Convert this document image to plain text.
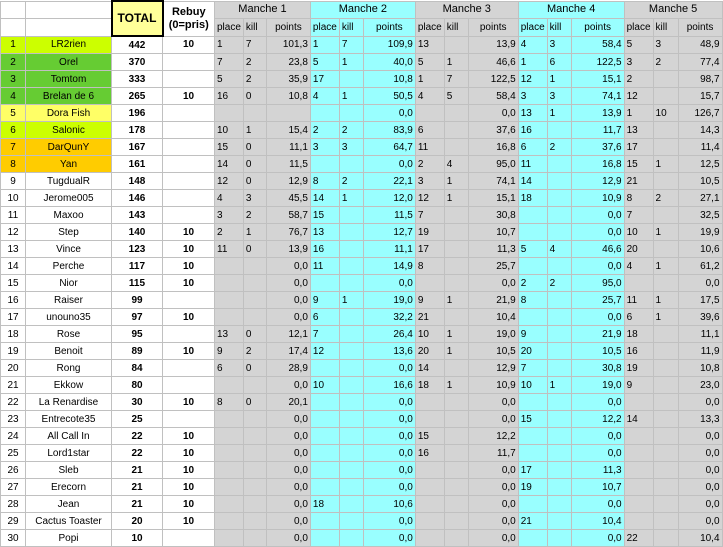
		TOTAL	Rebuy
(0=pris)	Manche 1			Manche 2			Manche 3			Manche 4			Manche 5		
				place	kill	points	place	kill	points	place	kill	points	place	kill	points	place	kill	points
1	LR2rien	442	10	1	7	101,3	1	7	109,9	13		13,9	4	3	58,4	5	3	48,9
2	Orel	370		7	2	23,8	5	1	40,0	5	1	46,6	1	6	122,5	3	2	77,4
3	Tomtom	333		5	2	35,9	17		10,8	1	7	122,5	12	1	15,1	2		98,7
4	Brelan de 6	265	10	16	0	10,8	4	1	50,5	4	5	58,4	3	3	74,1	12		15,7
5	Dora Fish	196							0,0			0,0	13	1	13,9	1	10	126,7
6	Salonic	178		10	1	15,4	2	2	83,9	6		37,6	16		11,7	13		14,3
7	DarQunY	167		15	0	11,1	3	3	64,7	11		16,8	6	2	37,6	17		11,4
8	Yan	161		14	0	11,5			0,0	2	4	95,0	11		16,8	15	1	12,5
9	TugdualR	148		12	0	12,9	8	2	22,1	3	1	74,1	14		12,9	21		10,5
10	Jerome005	146		4	3	45,5	14	1	12,0	12	1	15,1	18		10,9	8	2	27,1
11	Maxoo	143		3	2	58,7	15		11,5	7		30,8			0,0	7		32,5
12	Step	140	10	2	1	76,7	13		12,7	19		10,7			0,0	10	1	19,9
13	Vince	123	10	11	0	13,9	16		11,1	17		11,3	5	4	46,6	20		10,6
14	Perche	117	10			0,0	11		14,9	8		25,7			0,0	4	1	61,2
15	Nior	115	10			0,0			0,0			0,0	2	2	95,0			0,0
16	Raiser	99				0,0	9	1	19,0	9	1	21,9	8		25,7	11	1	17,5
17	unouno35	97	10			0,0	6		32,2	21		10,4			0,0	6	1	39,6
18	Rose	95		13	0	12,1	7		26,4	10	1	19,0	9		21,9	18		11,1
19	Benoit	89	10	9	2	17,4	12		13,6	20	1	10,5	20		10,5	16		11,9
20	Rong	84		6	0	28,9			0,0	14		12,9	7		30,8	19		10,8
21	Ekkow	80				0,0	10		16,6	18	1	10,9	10	1	19,0	9		23,0
22	La Renardise	30	10	8	0	20,1			0,0			0,0			0,0			0,0
23	Entrecote35	25				0,0			0,0			0,0	15		12,2	14		13,3
24	All Call In	22	10			0,0			0,0	15		12,2			0,0			0,0
25	Lord1star	22	10			0,0			0,0	16		11,7			0,0			0,0
26	Sleb	21	10			0,0			0,0			0,0	17		11,3			0,0
27	Erecorn	21	10			0,0			0,0			0,0	19		10,7			0,0
28	Jean	21	10			0,0	18		10,6			0,0			0,0			0,0
29	Cactus Toaster	20	10			0,0			0,0			0,0	21		10,4			0,0
30	Popi	10				0,0			0,0			0,0			0,0	22		10,4
